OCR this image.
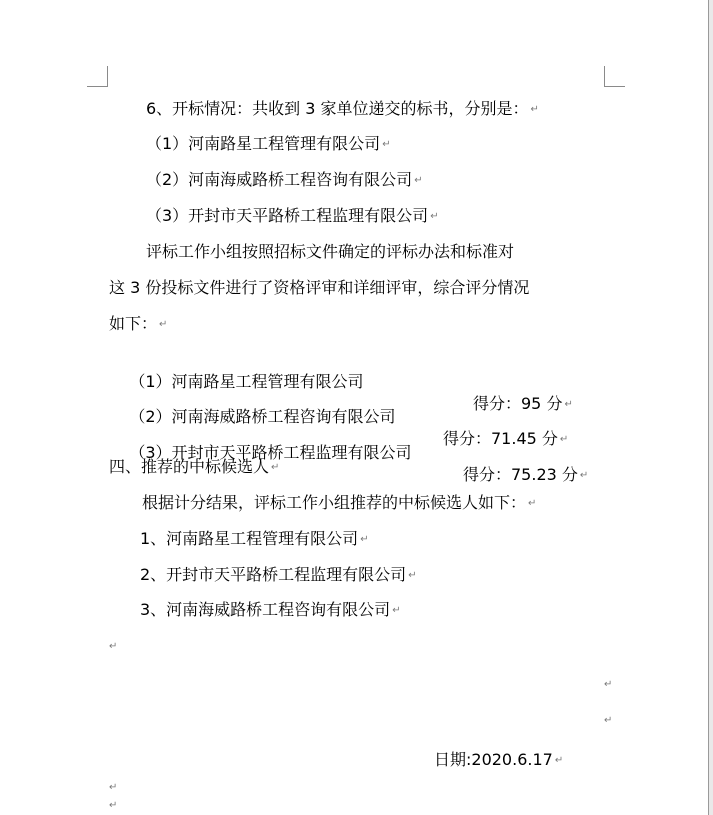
6、开标情况：共收到 3 家单位递交的标书，分别是： ↵
（1）河南路星工程管理有限公司 ↵
（2）河南海威路桥工程咨询有限公司 ↵
（3）开封市天平路桥工程监理有限公司 ↵
评标工作小组按照招标文件确定的评标办法和标准对
这 3 份投标文件进行了资格评审和详细评审，综合评分情况
如下： ↵

（1）河南路星工程管理有限公司

得分：95 分 ↵

（2）河南海威路桥工程咨询有限公司

得分：71.45 分 ↵

（3）开封市天平路桥工程监理有限公司

得分：75.23 分 ↵

四、推荐的中标候选人 ↵
根据计分结果，评标工作小组推荐的中标候选人如下： ↵
1、河南路星工程管理有限公司 ↵
2、开封市天平路桥工程监理有限公司 ↵
3、河南海威路桥工程咨询有限公司 ↵
↵
↵
↵
日期:2020.6.17 ↵
↵
↵
